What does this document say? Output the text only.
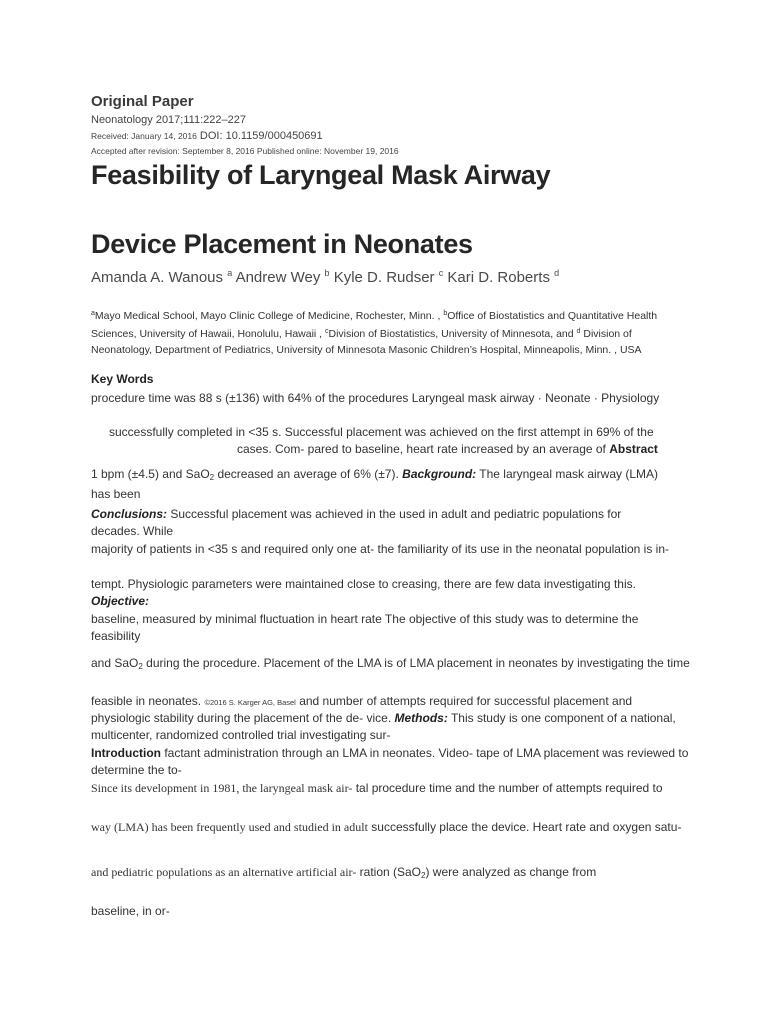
Original Paper
Neonatology 2017;111:222–227
Received: January 14, 2016 DOI: 10.1159/000450691
Accepted after revision: September 8, 2016 Published online: November 19, 2016
Feasibility of Laryngeal Mask Airway
Device Placement in Neonates
Amanda A. Wanous $^a$ Andrew Wey $^b$ Kyle D. Rudser $^c$ Kari D. Roberts $^d$
$^a$Mayo Medical School, Mayo Clinic College of Medicine, Rochester, Minn. , $^b$Office of Biostatistics and Quantitative Health Sciences, University of Hawaii, Honolulu, Hawaii , $^c$Division of Biostatistics, University of Minnesota, and $^d$ Division of Neonatology, Department of Pediatrics, University of Minnesota Masonic Children’s Hospital, Minneapolis, Minn. , USA
Key Words
procedure time was 88 s (±136) with 64% of the procedures Laryngeal mask airway · Neonate · Physiology
successfully completed in <35 s. Successful placement was achieved on the first attempt in 69% of the
cases. Com- pared to baseline, heart rate increased by an average of Abstract
1 bpm (±4.5) and SaO$_2$ decreased an average of 6% (±7). Background: The laryngeal mask airway (LMA) has been
Conclusions: Successful placement was achieved in the used in adult and pediatric populations for decades. While
majority of patients in <35 s and required only one at- the familiarity of its use in the neonatal population is in-
tempt. Physiologic parameters were maintained close to creasing, there are few data investigating this.
Objective:
baseline, measured by minimal fluctuation in heart rate The objective of this study was to determine the feasibility
and SaO$_2$ during the procedure. Placement of the LMA is of LMA placement in neonates by investigating the time
feasible in neonates. ©2016 S. Karger AG, Basel and number of attempts required for successful placement and
physiologic stability during the placement of the de- vice. Methods: This study is one component of a national, multicenter, randomized controlled trial investigating sur-
Introduction factant administration through an LMA in neonates. Video- tape of LMA placement was reviewed to determine the to-
Since its development in 1981, the laryngeal mask air- tal procedure time and the number of attempts required to
way (LMA) has been frequently used and studied in adult successfully place the device. Heart rate and oxygen satu-
and pediatric populations as an alternative artificial air- ration (SaO$_2$) were analyzed as change from
baseline, in or-
